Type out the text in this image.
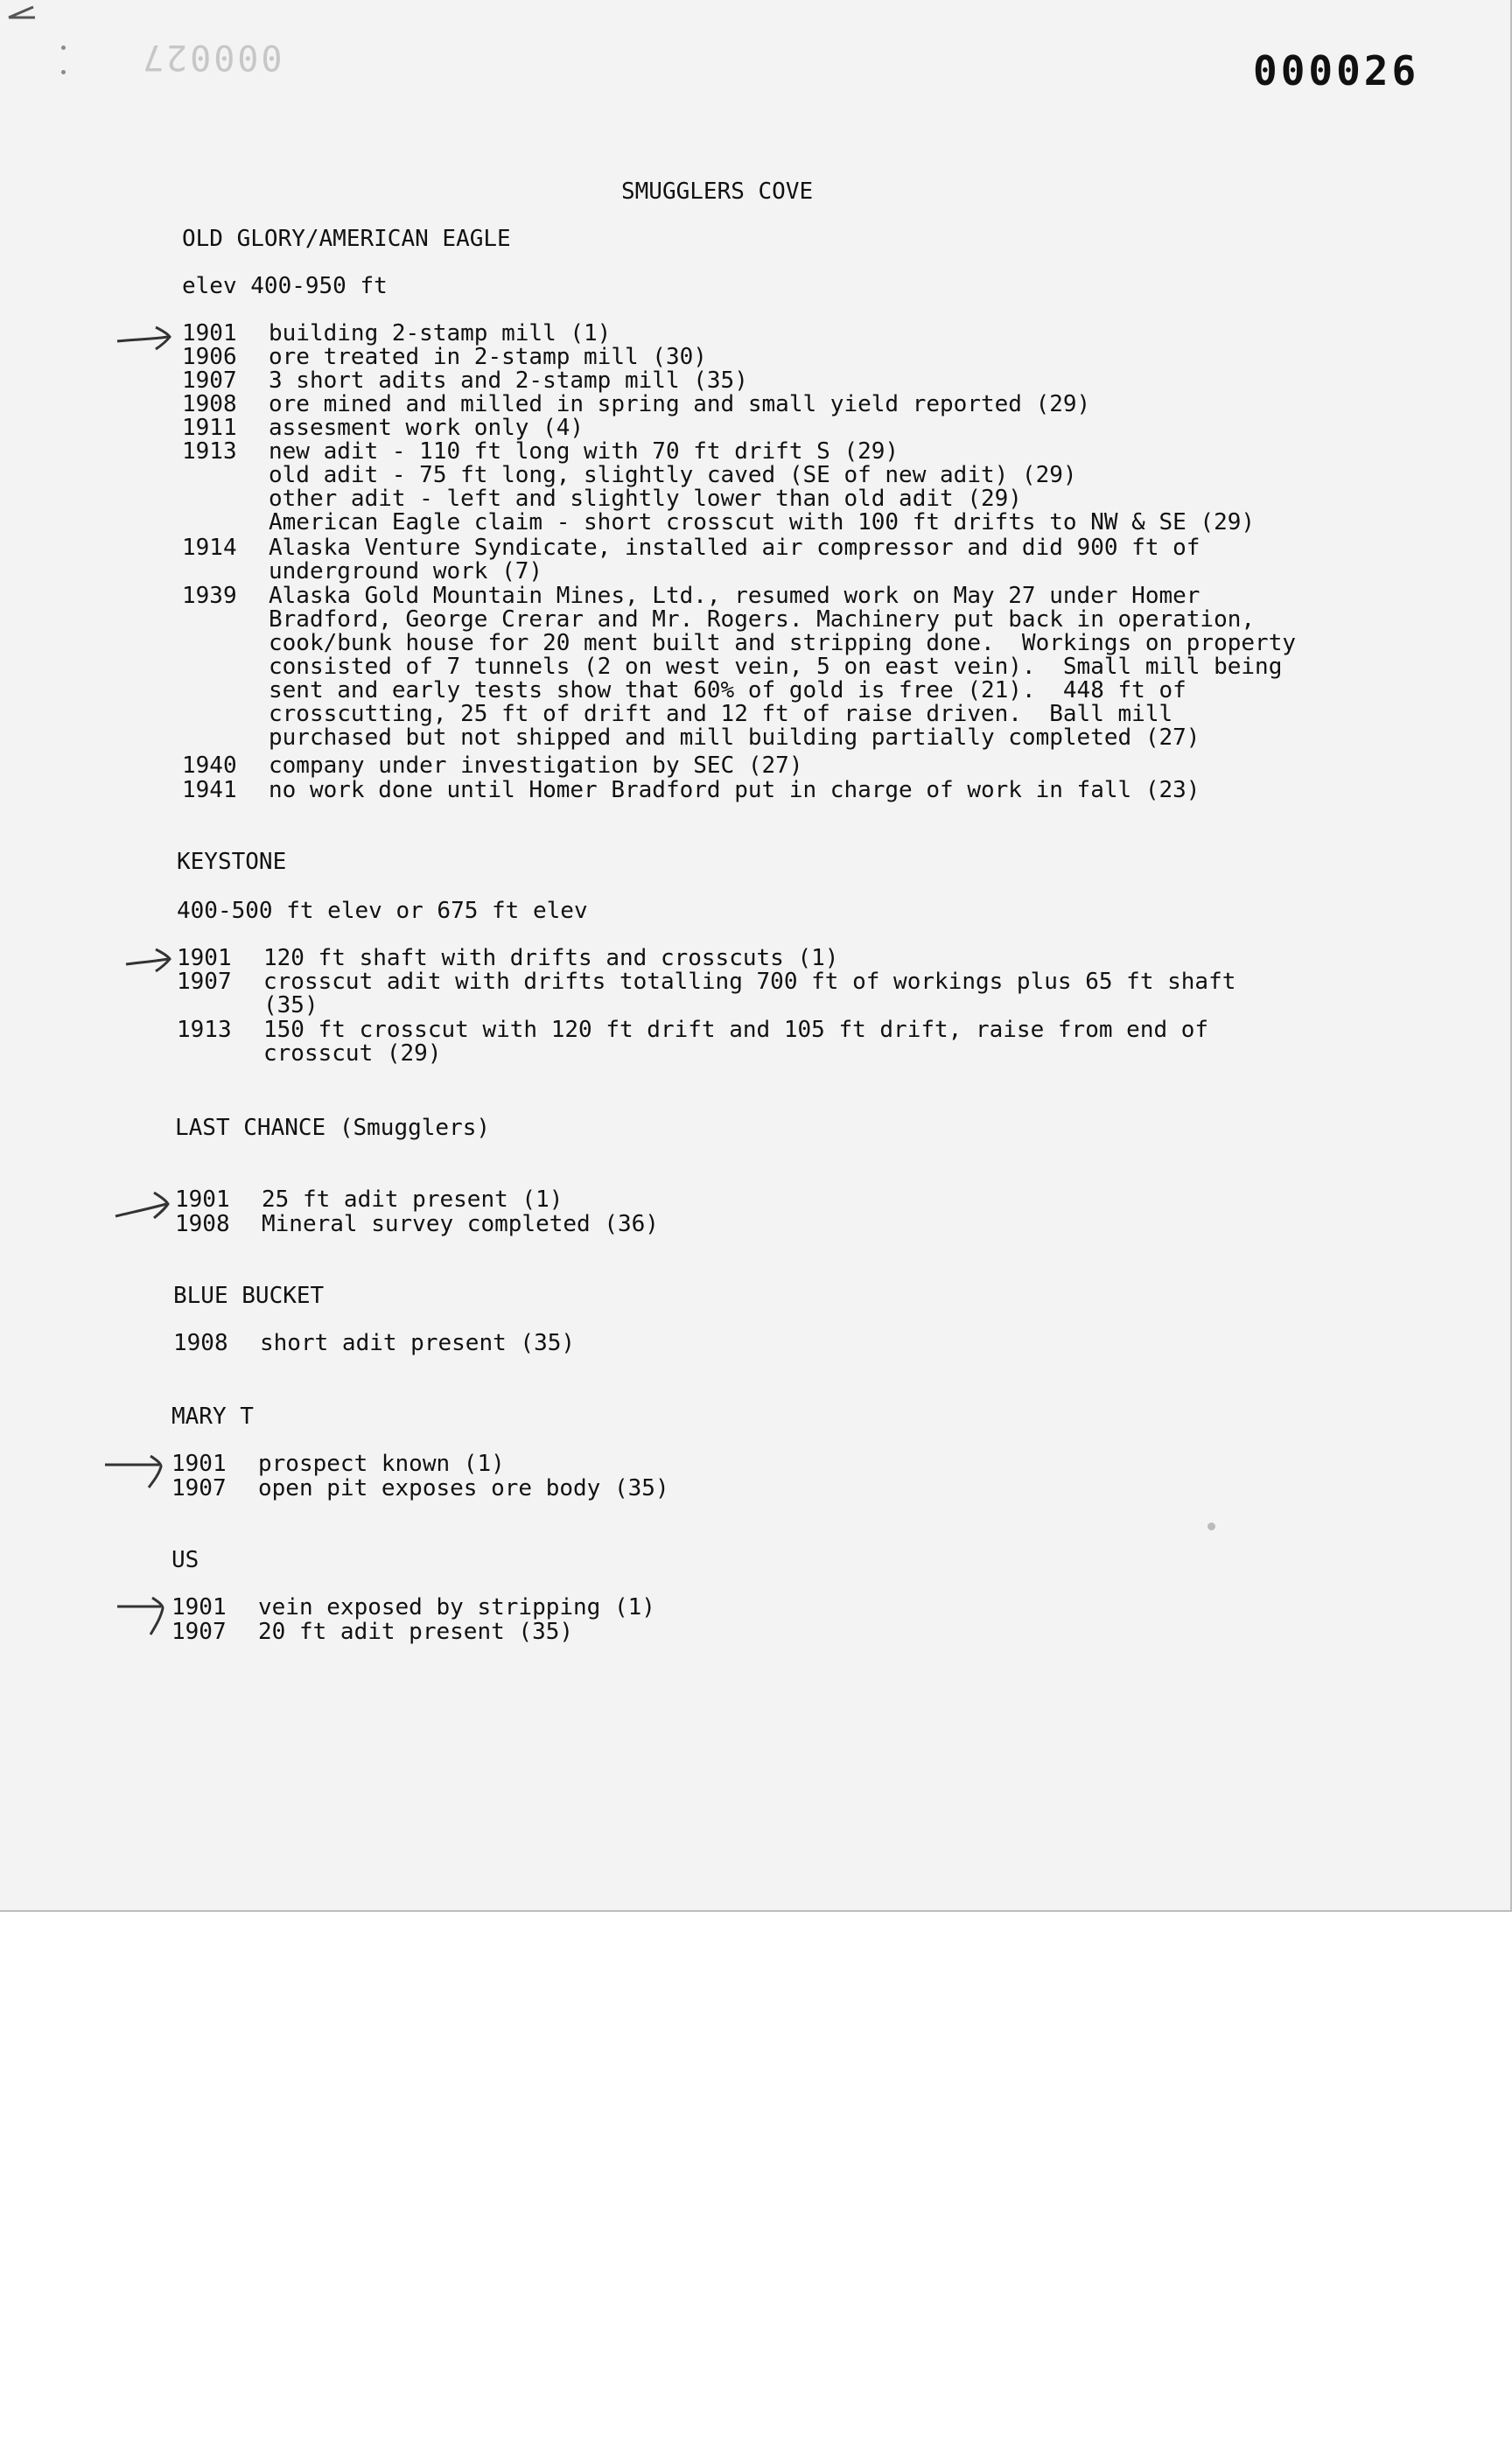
000027	000026
SMUGGLERS COVE
OLD GLORY/AMERICAN EAGLE
elev 400-950 ft
1901 building 2-stamp mill (1)
1906 ore treated in 2-stamp mill (30)
1907 3 short adits and 2-stamp mill (35)
1908 ore mined and milled in spring and small yield reported (29)
1911 assesment work only (4)
1913 new adit - 110 ft long with 70 ft drift S (29)
old adit - 75 ft long, slightly caved (SE of new adit) (29)
other adit - left and slightly lower than old adit (29)
American Eagle claim - short crosscut with 100 ft drifts to NW & SE (29)
1914 Alaska Venture Syndicate, installed air compressor and did 900 ft of
underground work (7)
1939 Alaska Gold Mountain Mines, Ltd., resumed work on May 27 under Homer
Bradford, George Crerar and Mr. Rogers. Machinery put back in operation,
cook/bunk house for 20 ment built and stripping done.  Workings on property
consisted of 7 tunnels (2 on west vein, 5 on east vein).  Small mill being
sent and early tests show that 60% of gold is free (21).  448 ft of
crosscutting, 25 ft of drift and 12 ft of raise driven.  Ball mill
purchased but not shipped and mill building partially completed (27)
1940 company under investigation by SEC (27)
1941 no work done until Homer Bradford put in charge of work in fall (23)
KEYSTONE
400-500 ft elev or 675 ft elev
1901 120 ft shaft with drifts and crosscuts (1)
1907 crosscut adit with drifts totalling 700 ft of workings plus 65 ft shaft
(35)
1913 150 ft crosscut with 120 ft drift and 105 ft drift, raise from end of
crosscut (29)
LAST CHANCE (Smugglers)
1901 25 ft adit present (1)
1908 Mineral survey completed (36)
BLUE BUCKET
1908 short adit present (35)
MARY T
1901 prospect known (1)
1907 open pit exposes ore body (35)
US
1901 vein exposed by stripping (1)
1907 20 ft adit present (35)
